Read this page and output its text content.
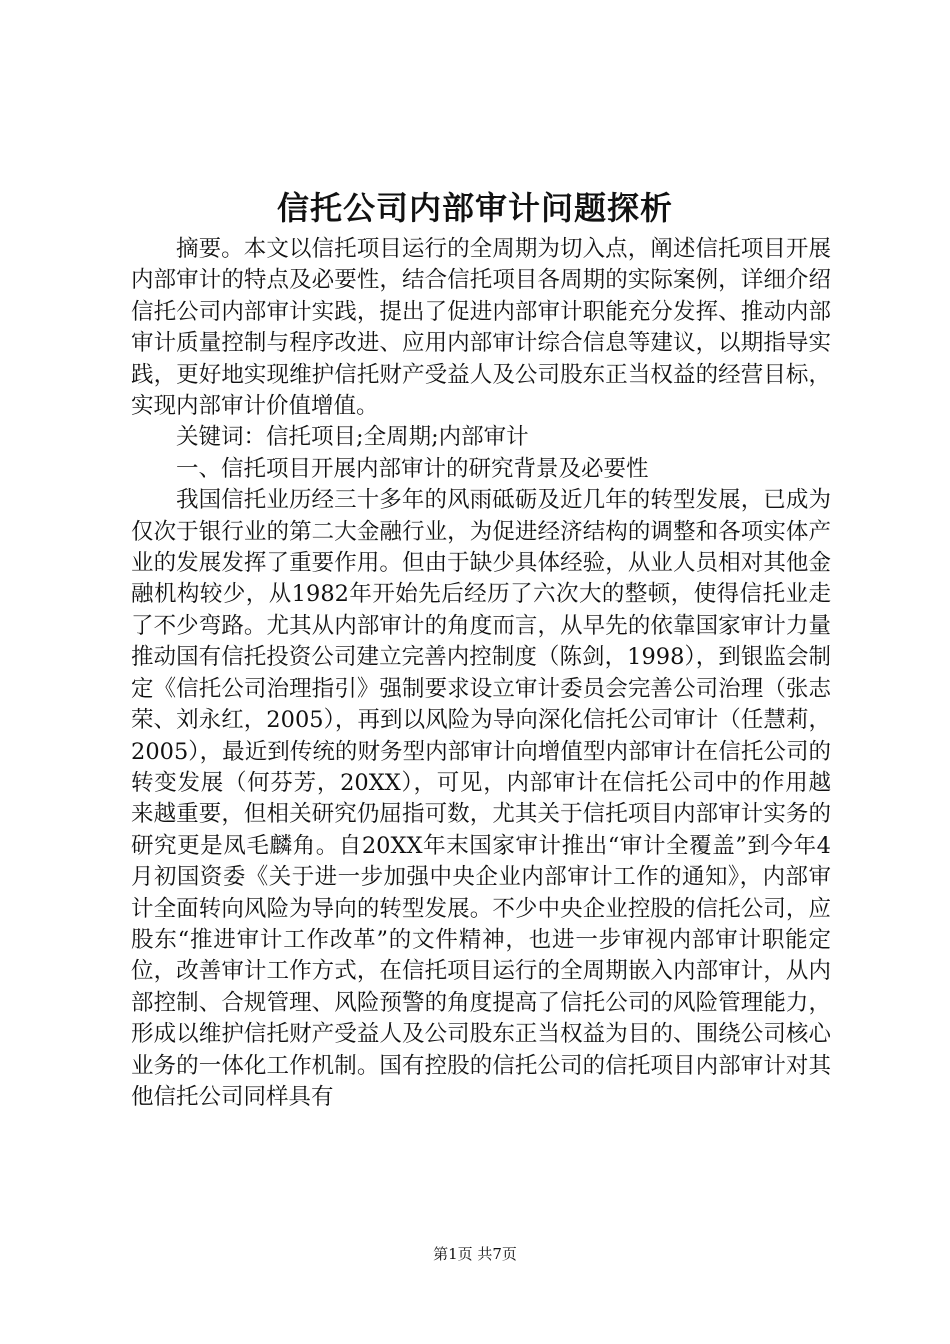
信托公司内部审计问题探析

摘要。本文以信托项目运行的全周期为切入点，阐述信托项目开展内部审计的特点及必要性，结合信托项目各周期的实际案例，详细介绍信托公司内部审计实践，提出了促进内部审计职能充分发挥、推动内部审计质量控制与程序改进、应用内部审计综合信息等建议，以期指导实践，更好地实现维护信托财产受益人及公司股东正当权益的经营目标，实现内部审计价值增值。

关键词：信托项目;全周期;内部审计

一、信托项目开展内部审计的研究背景及必要性

我国信托业历经三十多年的风雨砥砺及近几年的转型发展，已成为仅次于银行业的第二大金融行业，为促进经济结构的调整和各项实体产业的发展发挥了重要作用。但由于缺少具体经验，从业人员相对其他金融机构较少，从1982年开始先后经历了六次大的整顿，使得信托业走了不少弯路。尤其从内部审计的角度而言，从早先的依靠国家审计力量推动国有信托投资公司建立完善内控制度（陈剑，1998），到银监会制定《信托公司治理指引》强制要求设立审计委员会完善公司治理（张志荣、刘永红，2005），再到以风险为导向深化信托公司审计（任慧莉，2005），最近到传统的财务型内部审计向增值型内部审计在信托公司的转变发展（何芬芳，20XX），可见，内部审计在信托公司中的作用越来越重要，但相关研究仍屈指可数，尤其关于信托项目内部审计实务的研究更是凤毛麟角。自20XX年末国家审计推出“审计全覆盖”到今年4月初国资委《关于进一步加强中央企业内部审计工作的通知》，内部审计全面转向风险为导向的转型发展。不少中央企业控股的信托公司，应股东“推进审计工作改革”的文件精神，也进一步审视内部审计职能定位，改善审计工作方式，在信托项目运行的全周期嵌入内部审计，从内部控制、合规管理、风险预警的角度提高了信托公司的风险管理能力，形成以维护信托财产受益人及公司股东正当权益为目的、围绕公司核心业务的一体化工作机制。国有控股的信托公司的信托项目内部审计对其他信托公司同样具有

第1页 共7页
